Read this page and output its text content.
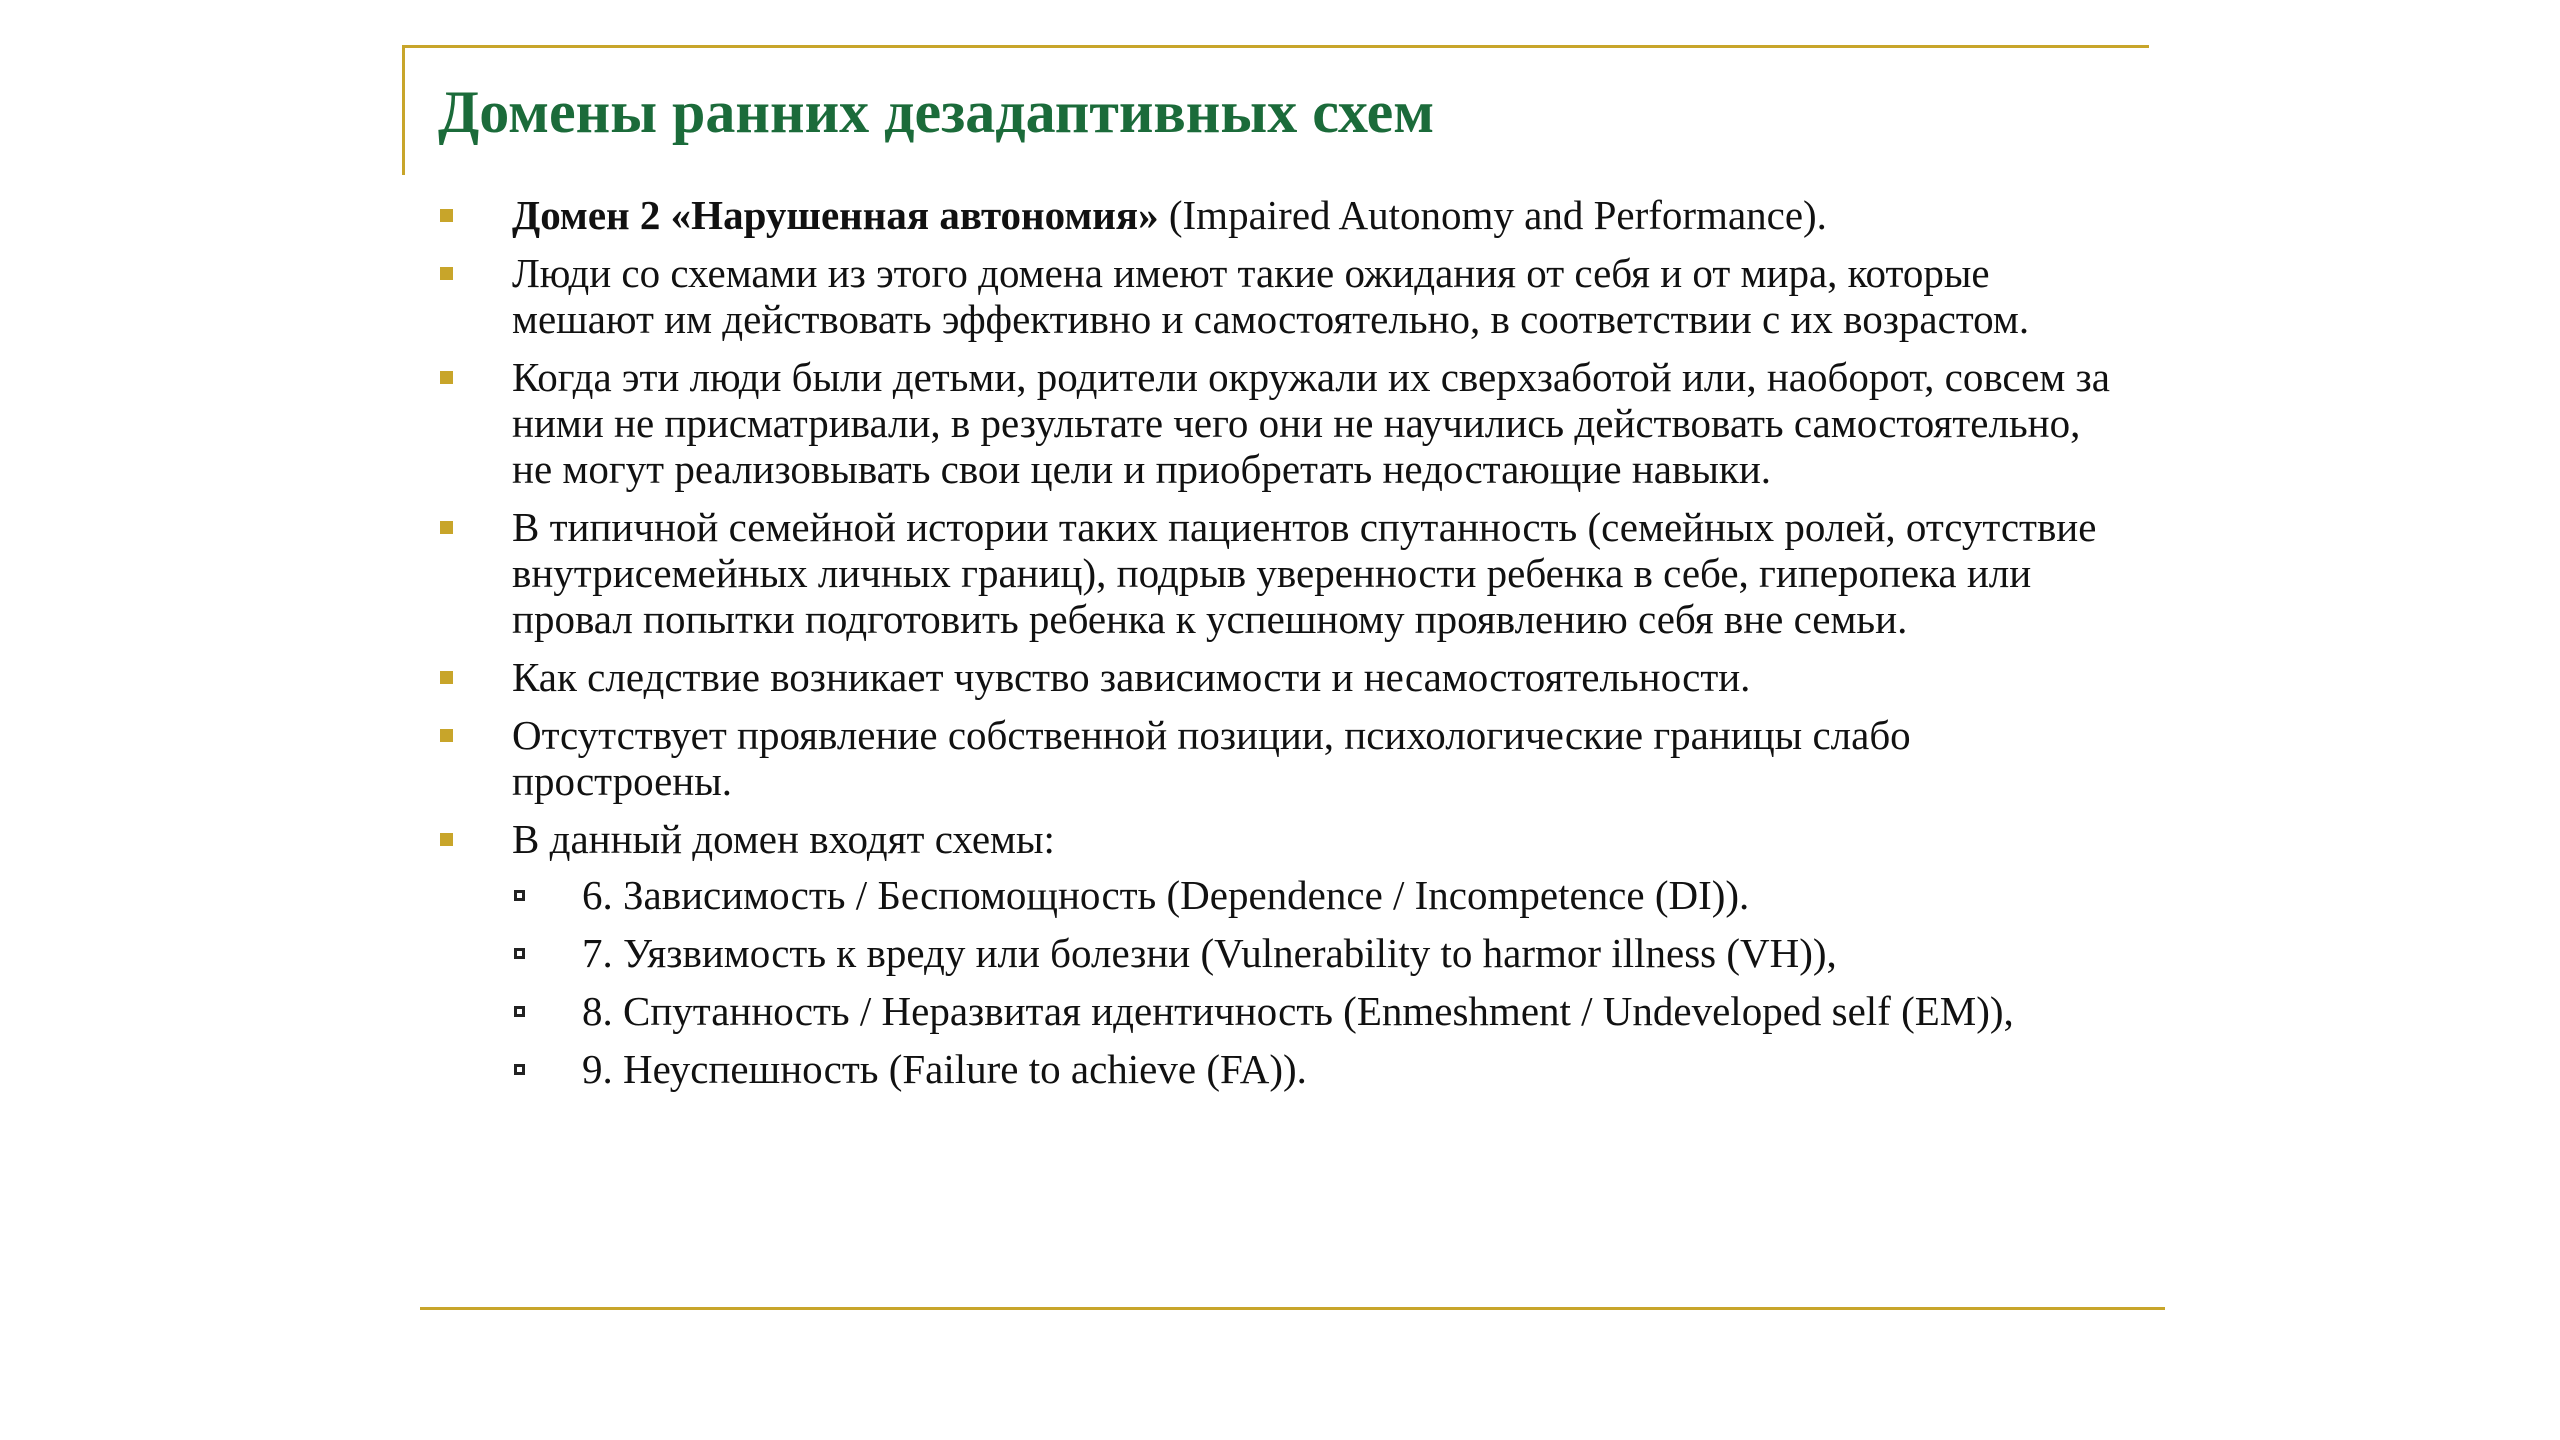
Домены ранних дезадаптивных схем
Домен 2 «Нарушенная автономия» (Impaired Autonomy and Performance).
Люди со схемами из этого домена имеют такие ожидания от себя и от мира, которые мешают им действовать эффективно и самостоятельно, в соответствии с их возрастом.
Когда эти люди были детьми, родители окружали их сверхзаботой или, наоборот, совсем за ними не присматривали, в результате чего они не научились действовать самостоятельно, не могут реализовывать свои цели и приобретать недостающие навыки.
В типичной семейной истории таких пациентов спутанность (семейных ролей, отсутствие внутрисемейных личных границ), подрыв уверенности ребенка в себе, гиперопека или провал попытки подготовить ребенка к успешному проявлению себя вне семьи.
Как следствие возникает чувство зависимости и несамостоятельности.
Отсутствует проявление собственной позиции, психологические границы слабо простроены.
В данный домен входят схемы:
6. Зависимость / Беспомощность (Dependence / Incompetence (DI)).
7. Уязвимость к вреду или болезни (Vulnerability to harmor illness (VH)),
8. Спутанность / Неразвитая идентичность (Enmeshment / Undeveloped self (EM)),
9. Неуспешность (Failure to achieve (FA)).
